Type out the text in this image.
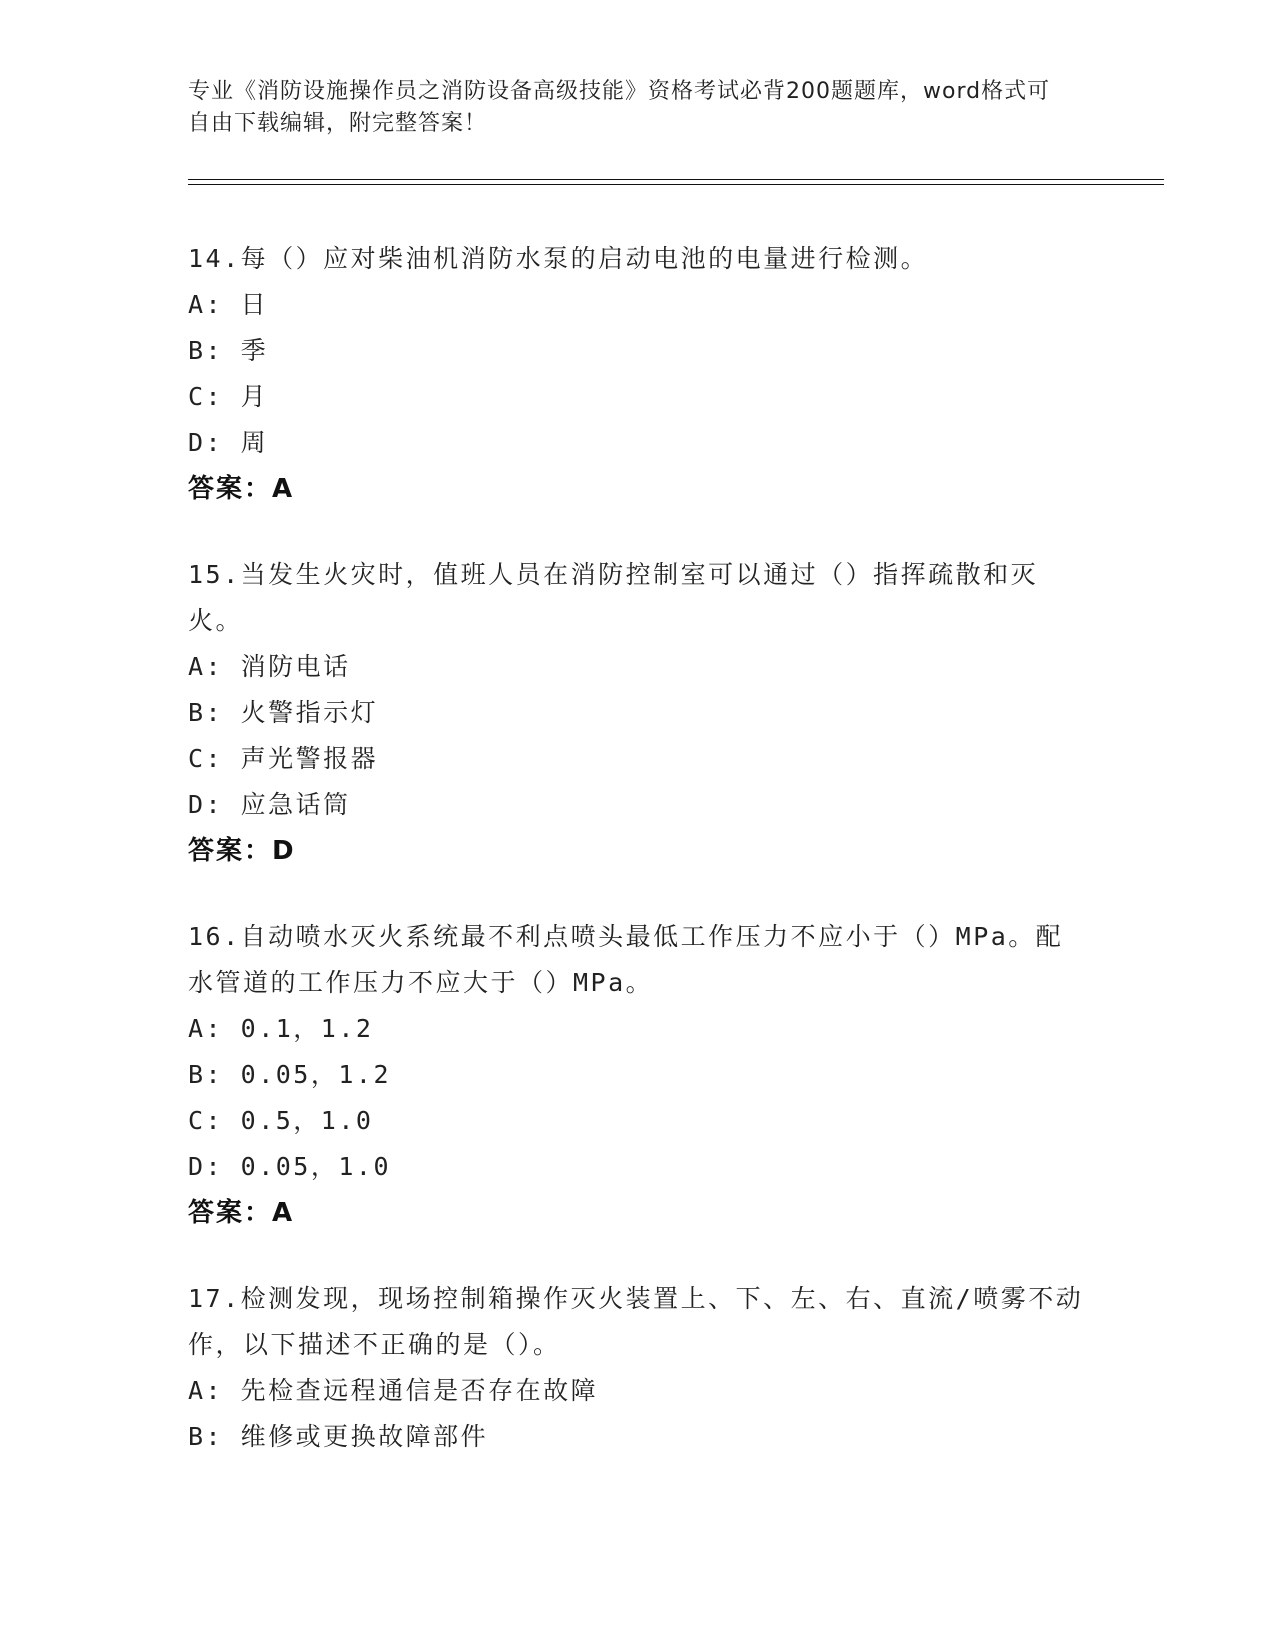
专业《消防设施操作员之消防设备高级技能》资格考试必背200题题库，word格式可自由下载编辑，附完整答案！
14.每（）应对柴油机消防水泵的启动电池的电量进行检测。
A: 日
B: 季
C: 月
D: 周
答案：A
15.当发生火灾时，值班人员在消防控制室可以通过（）指挥疏散和灭火。
A: 消防电话
B: 火警指示灯
C: 声光警报器
D: 应急话筒
答案：D
16.自动喷水灭火系统最不利点喷头最低工作压力不应小于（）MPa。配水管道的工作压力不应大于（）MPa。
A: 0.1，1.2
B: 0.05，1.2
C: 0.5，1.0
D: 0.05，1.0
答案：A
17.检测发现，现场控制箱操作灭火装置上、下、左、右、直流/喷雾不动作，以下描述不正确的是（）。
A: 先检查远程通信是否存在故障
B: 维修或更换故障部件
